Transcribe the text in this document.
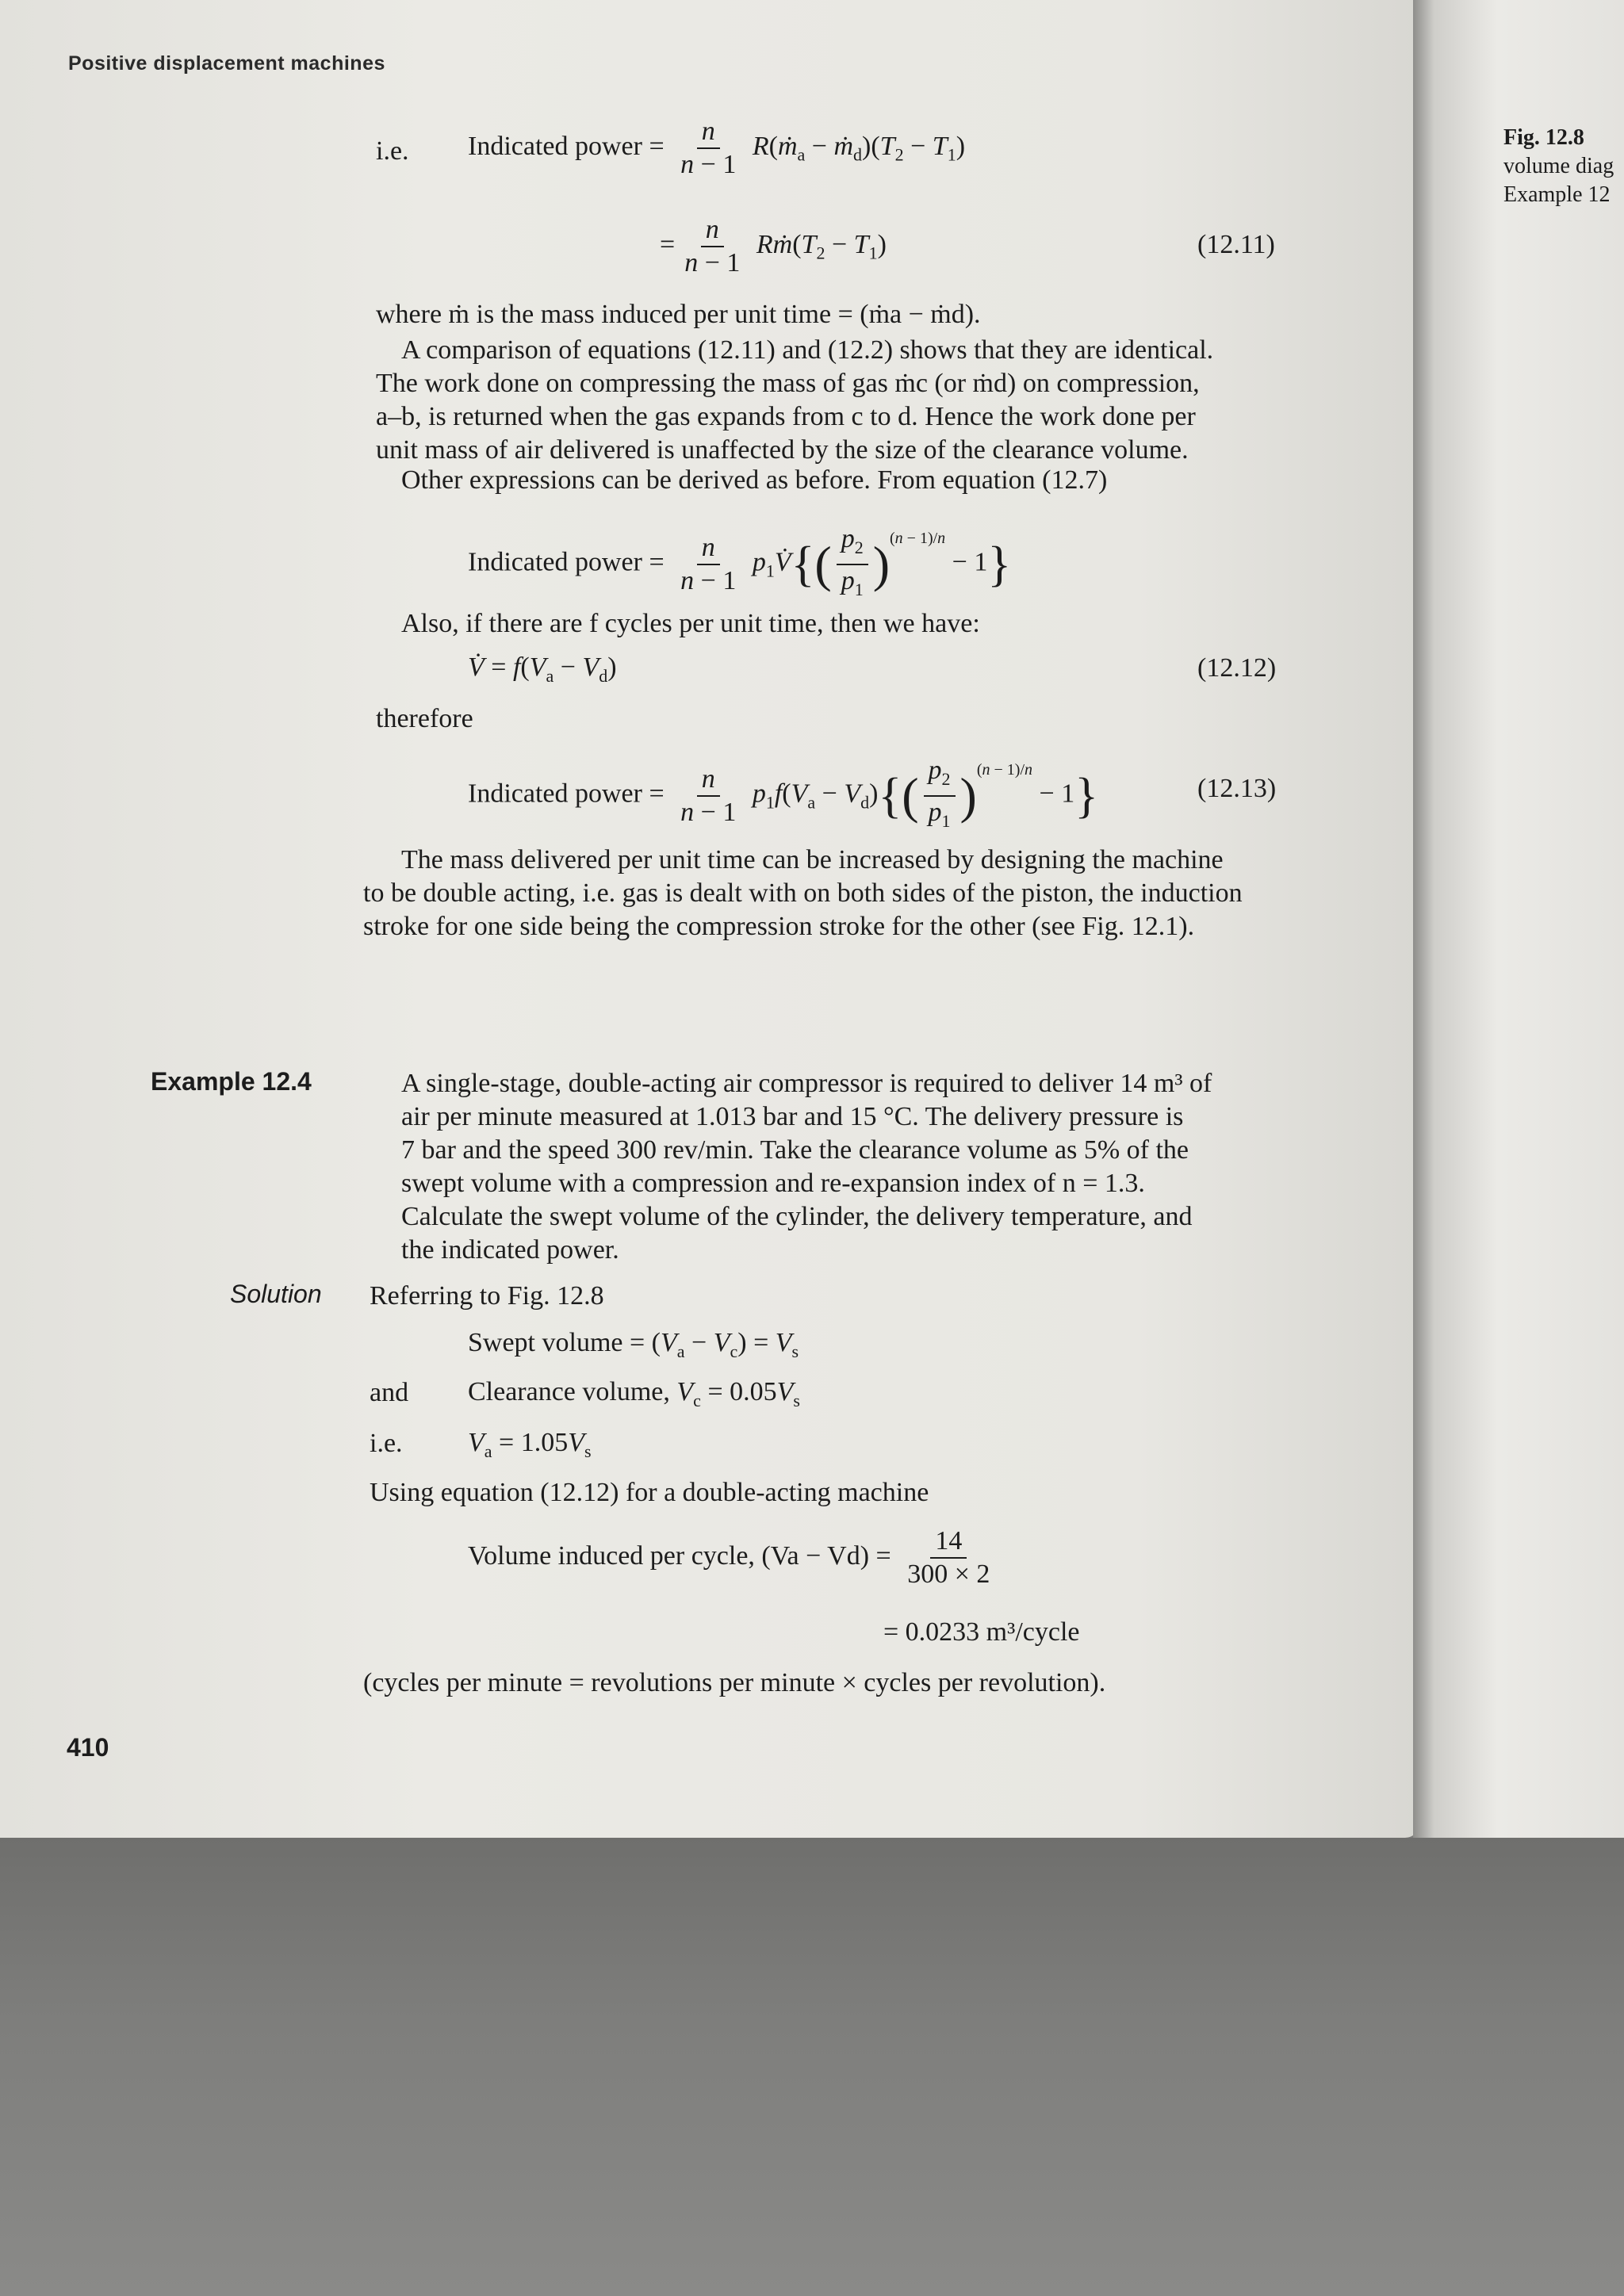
Positive displacement machines
i.e. Indicated power = $\frac{n}{n - 1}$ R(ṁ$_a$ − $ṁ_d)(T_2 - T_1)$
= $\frac{n}{n - 1}$ $Rṁ(T_2 - T_1)$	(12.11)
where ṁ is the mass induced per unit time = (ṁa − ṁd).
A comparison of equations (12.11) and (12.2) shows that they are identical.
The work done on compressing the mass of gas ṁc (or ṁd) on compression,
a–b, is returned when the gas expands from c to d. Hence the work done per
unit mass of air delivered is unaffected by the size of the clearance volume.
Other expressions can be derived as before. From equation (12.7)
Indicated power = $\frac{n}{n - 1}$ $p_1V̇\{( \frac{p_2}{p_1} )^{(n - 1)/n} - 1\}$
Also, if there are f cycles per unit time, then we have:
V̇ = $f(V_a - V_d)$	(12.12)
therefore
Indicated power = $\frac{n}{n - 1} p_1f(V_a - V_d)\{( \frac{p_2}{p_1} )^{(n - 1)/n} - 1\}$	(12.13)
The mass delivered per unit time can be increased by designing the machine
to be double acting, i.e. gas is dealt with on both sides of the piston, the induction
stroke for one side being the compression stroke for the other (see Fig. 12.1).
Example 12.4	A single-stage, double-acting air compressor is required to deliver 14 m³ of
air per minute measured at 1.013 bar and 15 °C. The delivery pressure is
7 bar and the speed 300 rev/min. Take the clearance volume as 5% of the
swept volume with a compression and re-expansion index of n = 1.3.
Calculate the swept volume of the cylinder, the delivery temperature, and
the indicated power.
Solution Referring to Fig. 12.8
Swept volume = $(V_a - V_c) = V_s$
and Clearance volume, $V_c = 0.05V_s$
i.e. $V_a = 1.05V_s$
Using equation (12.12) for a double-acting machine
Volume induced per cycle, $(Va - Vd) = \frac{14}{300 \times 2}$
= 0.0233 m³/cycle
(cycles per minute = revolutions per minute × cycles per revolution).
410
Fig. 12.8
volume diag
Example 12
